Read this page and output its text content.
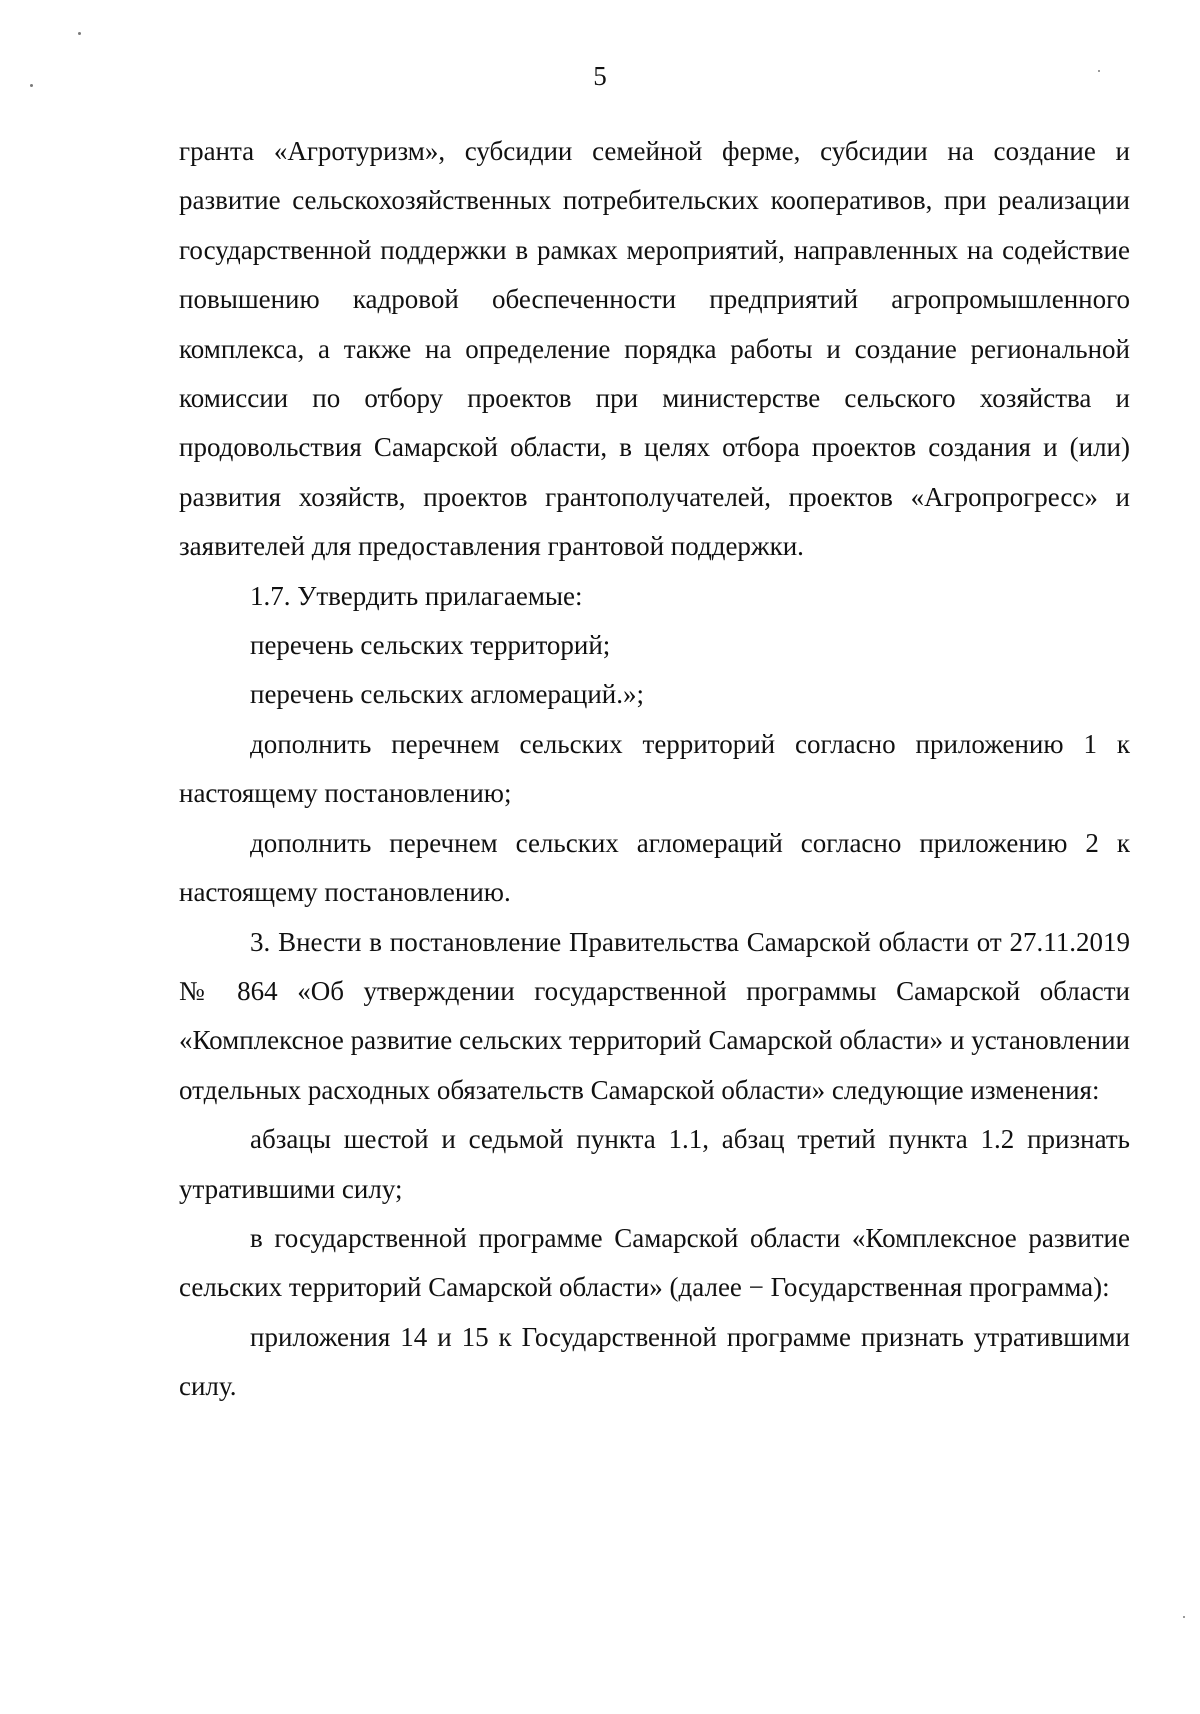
5

гранта «Агротуризм», субсидии семейной ферме, субсидии на создание и развитие сельскохозяйственных потребительских кооперативов, при реализации государственной поддержки в рамках мероприятий, направленных на содействие повышению кадровой обеспеченности предприятий агропромышленного комплекса, а также на определение порядка работы и создание региональной комиссии по отбору проектов при министерстве сельского хозяйства и продовольствия Самарской области, в целях отбора проектов создания и (или) развития хозяйств, проектов грантополучателей, проектов «Агропрогресс» и заявителей для предоставления грантовой поддержки.

1.7. Утвердить прилагаемые:

перечень сельских территорий;

перечень сельских агломераций.»;

дополнить перечнем сельских территорий согласно приложению 1 к настоящему постановлению;

дополнить перечнем сельских агломераций согласно приложению 2 к настоящему постановлению.

3. Внести в постановление Правительства Самарской области от 27.11.2019 № 864 «Об утверждении государственной программы Самарской области «Комплексное развитие сельских территорий Самарской области» и установлении отдельных расходных обязательств Самарской области» следующие изменения:

абзацы шестой и седьмой пункта 1.1, абзац третий пункта 1.2 признать утратившими силу;

в государственной программе Самарской области «Комплексное развитие сельских территорий Самарской области» (далее − Государственная программа):

приложения 14 и 15 к Государственной программе признать утратившими силу.
